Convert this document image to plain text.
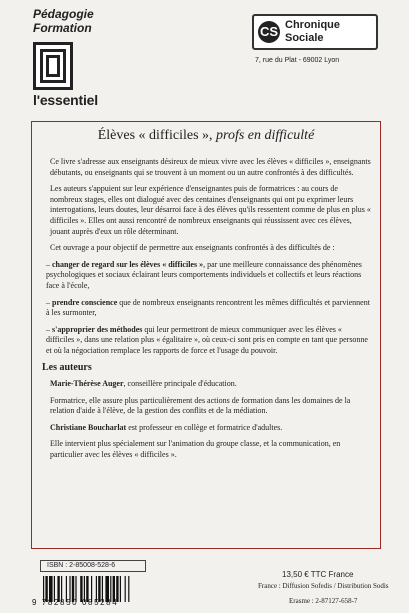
Pédagogie
Formation
l'essentiel
CS Chronique
Sociale
7, rue du Plat - 69002 Lyon
Élèves « difficiles », profs en difficulté

Ce livre s'adresse aux enseignants désireux de mieux vivre avec les élèves « difficiles », enseignants débutants, ou enseignants qui se trouvent à un moment ou un autre confrontés à des difficultés.

Les auteurs s'appuient sur leur expérience d'enseignantes puis de formatrices : au cours de nombreux stages, elles ont dialogué avec des centaines d'enseignants qui ont pu exprimer leurs interrogations, leurs doutes, leur désarroi face à des élèves qu'ils ressentent comme de plus en plus « difficiles ». Elles ont aussi rencontré de nombreux enseignants qui réussissent avec ces élèves, jouant auprès d'eux un rôle déterminant.

Cet ouvrage a pour objectif de permettre aux enseignants confrontés à des difficultés de :

– changer de regard sur les élèves « difficiles », par une meilleure connaissance des phénomènes psychologiques et sociaux éclairant leurs comportements individuels et collectifs et leurs réactions face à l'école,

– prendre conscience que de nombreux enseignants rencontrent les mêmes difficultés et parviennent à les surmonter,

– s'approprier des méthodes qui leur permettront de mieux communiquer avec les élèves « difficiles », dans une relation plus « égalitaire », où ceux-ci sont pris en compte en tant que personne et où la négociation remplace les rapports de force et l'usage du pouvoir.

Les auteurs

Marie-Thérèse Auger, conseillère principale d'éducation.

Formatrice, elle assure plus particulièrement des actions de formation dans les domaines de la relation d'aide à l'élève, de la gestion des conflits et de la médiation.

Christiane Boucharlat est professeur en collège et formatrice d'adultes.

Elle intervient plus spécialement sur l'animation du groupe classe, et la communication, en particulier avec les élèves « difficiles ».

ISBN : 2-85008-528-6
9 782850 085284
13,50 € TTC France
France : Diffusion Sofedis / Distribution Sodis
Erasme : 2-87127-658-7
